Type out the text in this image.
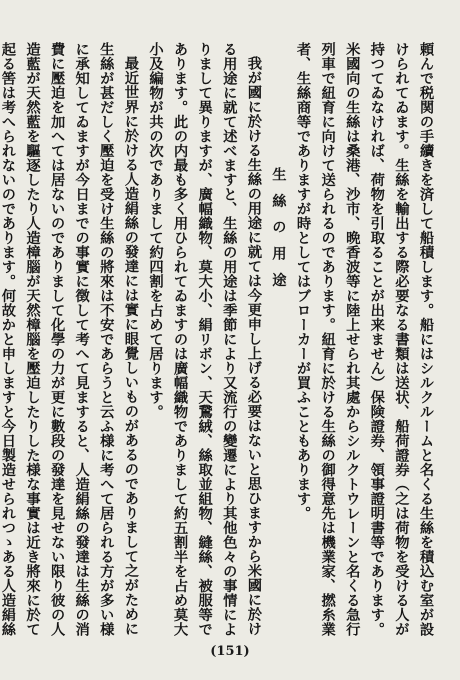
頼んで税関の手續きを済して船積します。船にはシルクルームと名くる生絲を積込む室が設けられてゐます。生絲を輸出する際必要なる書類は送状、船荷證券（之は荷物を受ける人が持つてゐなければ、荷物を引取ることが出来ません）保険證券、領事證明書等であります。米國向の生絲は桑港、沙市、晩香波等に陸上せられ其處からシルクトウレーンと名くる急行列車で紐育に向けて送られるのであります。紐育に於ける生絲の御得意先は機業家、撚糸業者、生絲商等でありますが時としてはブローカーが買ふこともあります。

生絲の用途

我が國に於ける生絲の用途に就ては今更申し上げる必要はないと思ひますから米國に於ける用途に就て述べますと、生絲の用途は季節により又流行の變遷により其他色々の事情によりまして異りますが、廣幅織物、莫大小、絹リボン、天鵞絨、絲取並組物、縫絲、被服等であります。此の内最も多く用ひられてゐますのは廣幅織物でありまして約五割半を占め莫大小及編物が共の次でありまして約四割を占めて居ります。

最近世界に於ける人造絹絲の發達には實に眼覺しいものがあるのでありまして之がために生絲が甚だしく壓迫を受け生絲の將來は不安であらうと云ふ様に考へて居られる方が多い様に承知してゐますが今日までの事實に徴して考へて見ますると、人造絹絲の發達は生絲の消費に壓迫を加へては居ないのでありまして化學の力が更に數段の發達を見せない限り彼の人造藍が天然藍を驅逐したり人造樟腦が天然樟腦を壓迫したりした様な事實は近き將來に於て起る筈は考へられないのであります。何故かと申しますと今日製造せられつゝある人造絹絲

(151)
